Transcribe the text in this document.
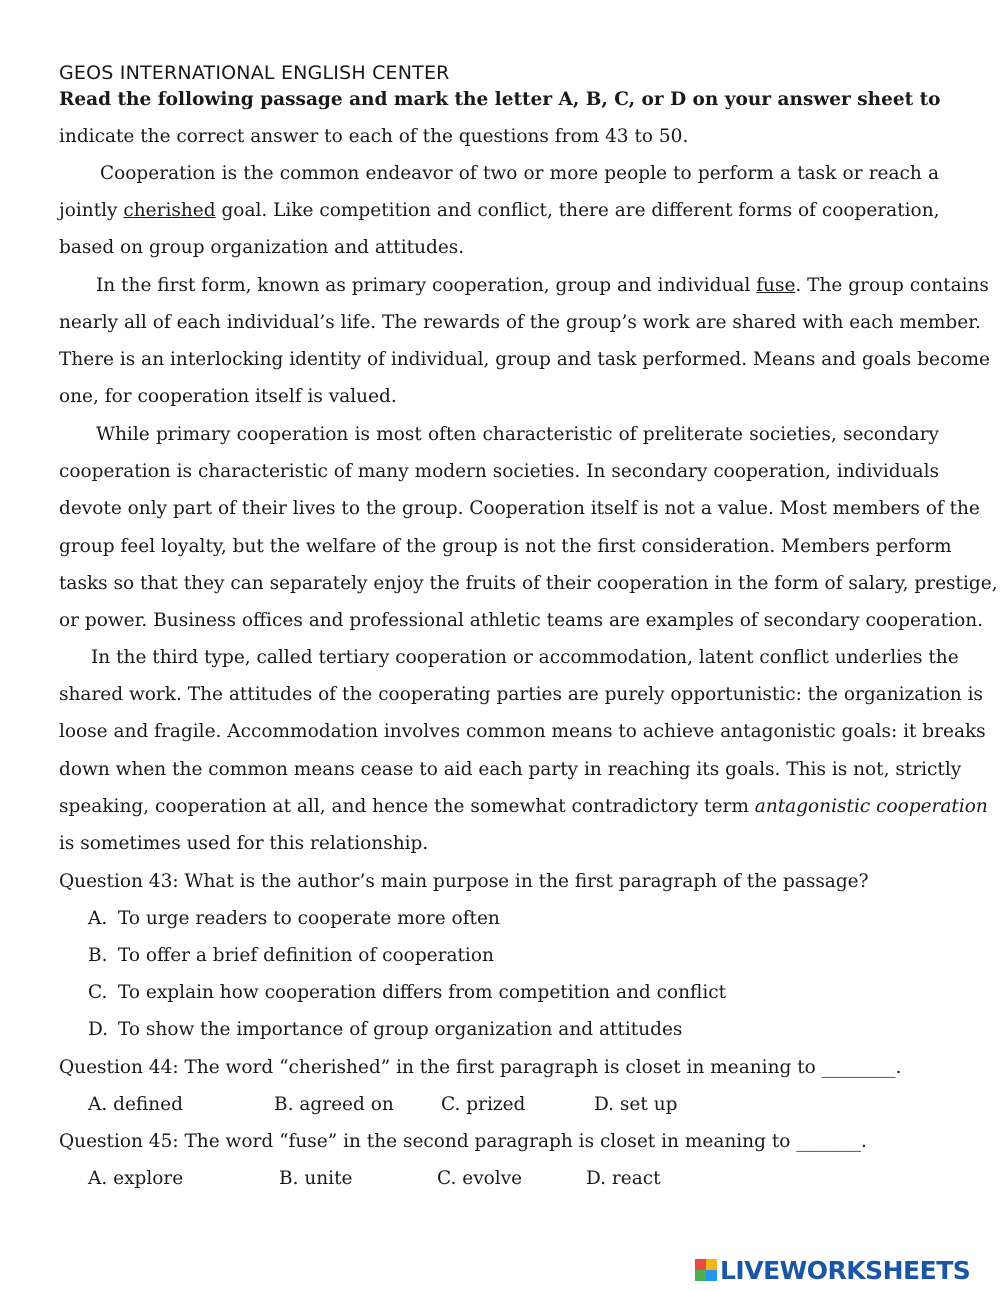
GEOS INTERNATIONAL ENGLISH CENTER
Read the following passage and mark the letter A, B, C, or D on your answer sheet to
indicate the correct answer to each of the questions from 43 to 50.
Cooperation is the common endeavor of two or more people to perform a task or reach a
jointly cherished goal. Like competition and conflict, there are different forms of cooperation,
based on group organization and attitudes.
In the first form, known as primary cooperation, group and individual fuse. The group contains
nearly all of each individual’s life. The rewards of the group’s work are shared with each member.
There is an interlocking identity of individual, group and task performed. Means and goals become
one, for cooperation itself is valued.
While primary cooperation is most often characteristic of preliterate societies, secondary
cooperation is characteristic of many modern societies. In secondary cooperation, individuals
devote only part of their lives to the group. Cooperation itself is not a value. Most members of the
group feel loyalty, but the welfare of the group is not the first consideration. Members perform
tasks so that they can separately enjoy the fruits of their cooperation in the form of salary, prestige,
or power. Business offices and professional athletic teams are examples of secondary cooperation.
In the third type, called tertiary cooperation or accommodation, latent conflict underlies the
shared work. The attitudes of the cooperating parties are purely opportunistic: the organization is
loose and fragile. Accommodation involves common means to achieve antagonistic goals: it breaks
down when the common means cease to aid each party in reaching its goals. This is not, strictly
speaking, cooperation at all, and hence the somewhat contradictory term antagonistic cooperation
is sometimes used for this relationship.
Question 43: What is the author’s main purpose in the first paragraph of the passage?
A. To urge readers to cooperate more often
B. To offer a brief definition of cooperation
C. To explain how cooperation differs from competition and conflict
D. To show the importance of group organization and attitudes
Question 44: The word “cherished” in the first paragraph is closet in meaning to ________.
A. defined	B. agreed on	C. prized	D. set up
Question 45: The word “fuse” in the second paragraph is closet in meaning to _______.
A. explore	B. unite	C. evolve	D. react
LIVEWORKSHEETS
